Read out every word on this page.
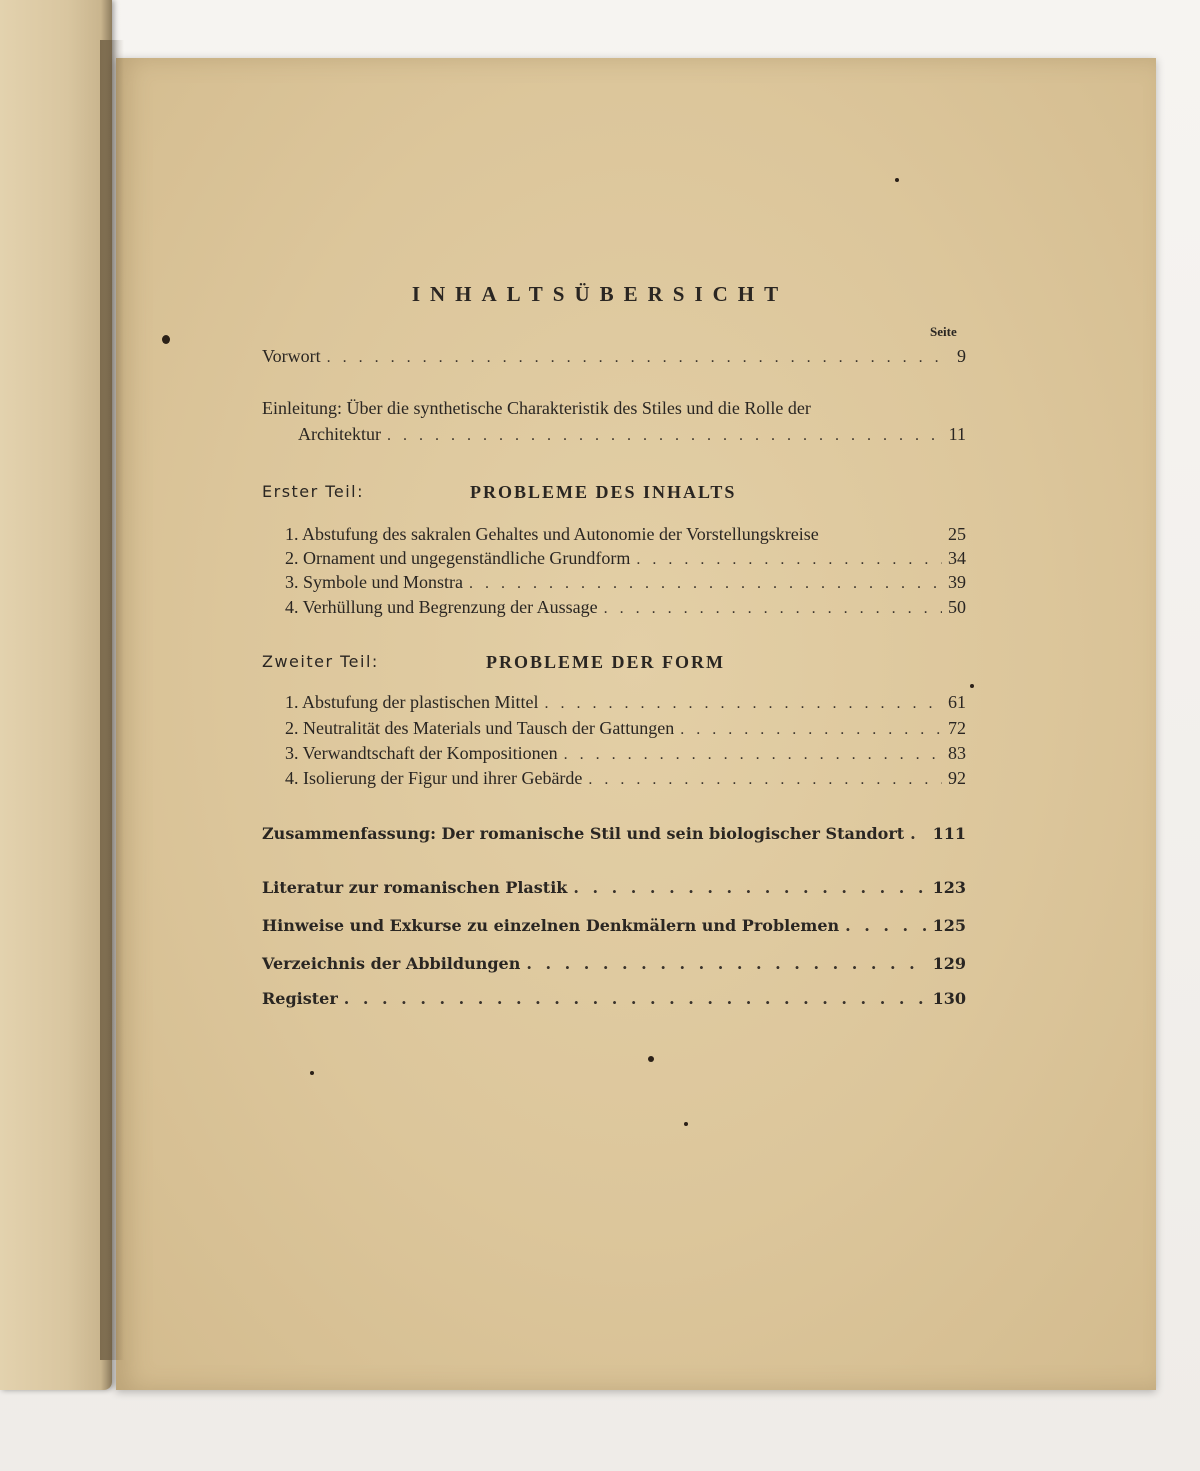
INHALTSÜBERSICHT
Seite
Vorwort . . .	9
Einleitung: Über die synthetische Charakteristik des Stiles und die Rolle der
Architektur . . .	11
Erster Teil:	PROBLEME DES INHALTS
1. Abstufung des sakralen Gehaltes und Autonomie der Vorstellungskreise	25
2. Ornament und ungegenständliche Grundform . . .	34
3. Symbole und Monstra . . .	39
4. Verhüllung und Begrenzung der Aussage . . .	50
Zweiter Teil:	PROBLEME DER FORM
1. Abstufung der plastischen Mittel . . .	61
2. Neutralität des Materials und Tausch der Gattungen . . .	72
3. Verwandtschaft der Kompositionen . . .	83
4. Isolierung der Figur und ihrer Gebärde . . .	92
Zusammenfassung: Der romanische Stil und sein biologischer Standort . . . 111
Literatur zur romanischen Plastik . . .	123
Hinweise und Exkurse zu einzelnen Denkmälern und Problemen . . .	125
Verzeichnis der Abbildungen . . .	129
Register . . .	130
